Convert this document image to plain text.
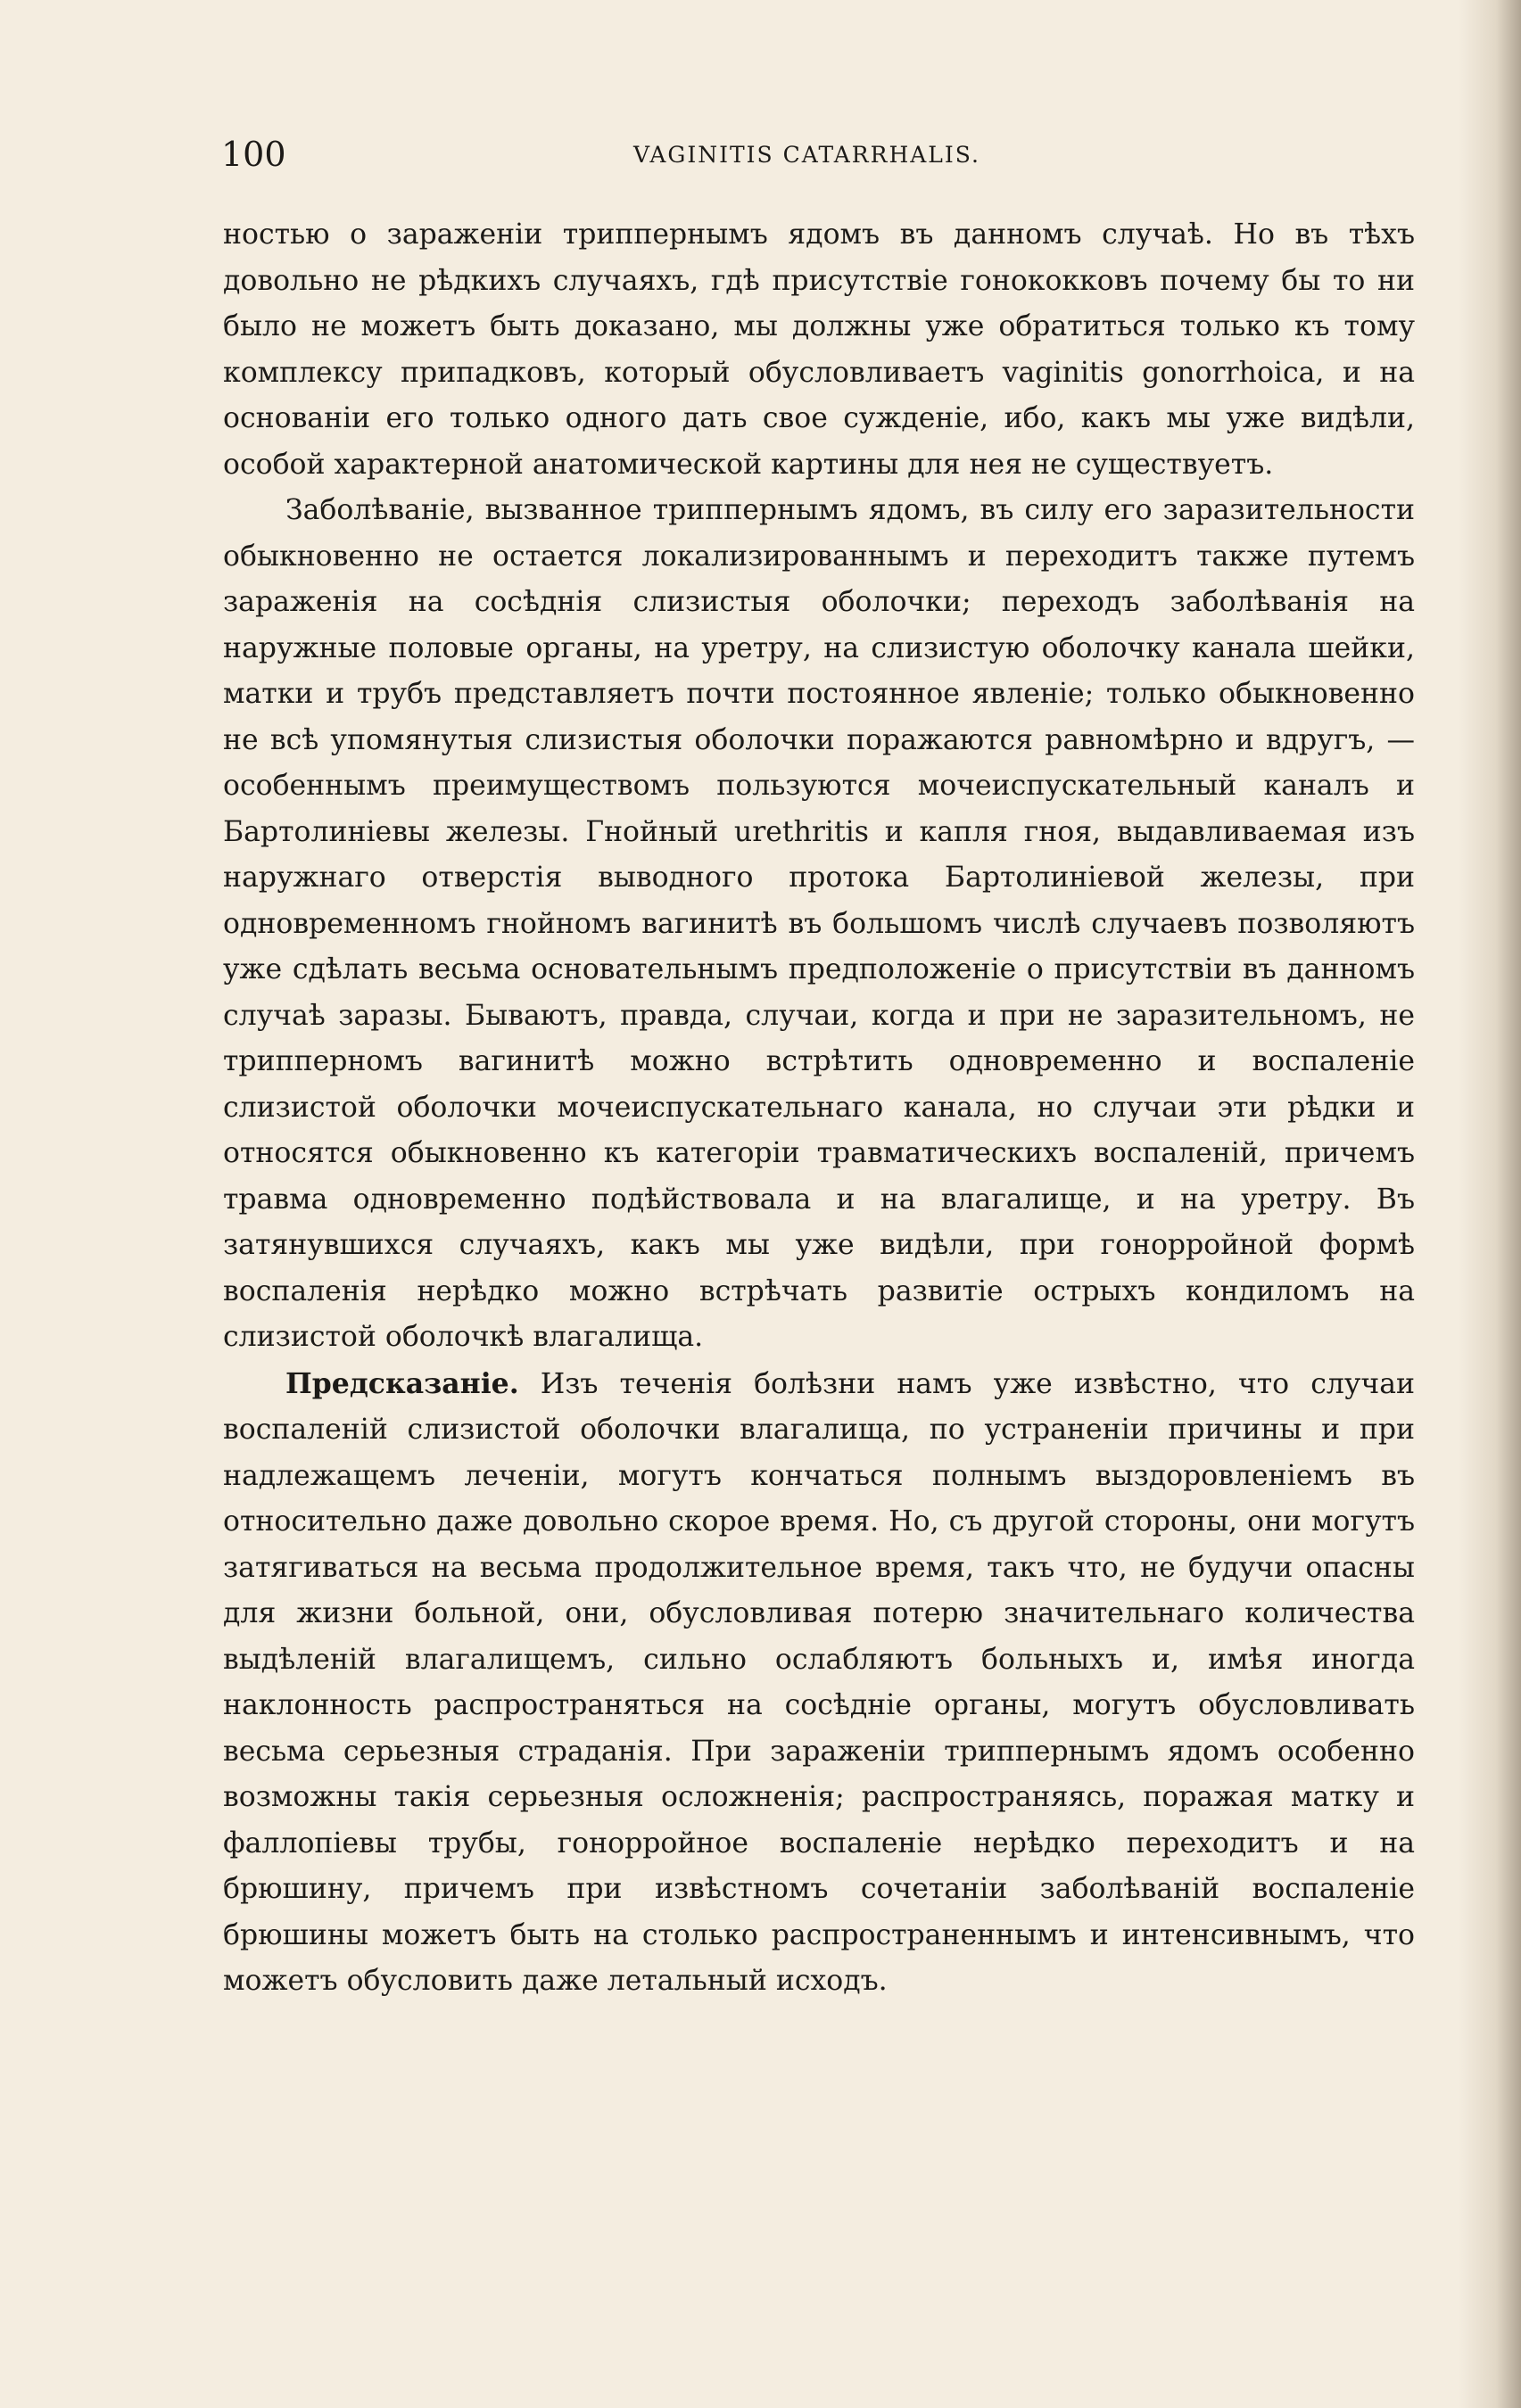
100	VAGINITIS CATARRHALIS.

ностью о зараженіи триппернымъ ядомъ въ данномъ случаѣ. Но въ тѣхъ довольно не рѣдкихъ случаяхъ, гдѣ присутствіе гонококковъ почему бы то ни было не можетъ быть доказано, мы должны уже обратиться только къ тому комплексу припадковъ, который обусловливаетъ vaginitis gonorrhoica, и на основаніи его только одного дать свое сужденіе, ибо, какъ мы уже видѣли, особой характерной анатомической картины для нея не существуетъ.

Заболѣваніе, вызванное триппернымъ ядомъ, въ силу его заразительности обыкновенно не остается локализированнымъ и переходитъ также путемъ зараженія на сосѣднія слизистыя оболочки; переходъ заболѣванія на наружные половые органы, на уретру, на слизистую оболочку канала шейки, матки и трубъ представляетъ почти постоянное явленіе; только обыкновенно не всѣ упомянутыя слизистыя оболочки поражаются равномѣрно и вдругъ, — особеннымъ преимуществомъ пользуются мочеиспускательный каналъ и Бартолиніевы железы. Гнойный urethritis и капля гноя, выдавливаемая изъ наружнаго отверстія выводного протока Бартолиніевой железы, при одновременномъ гнойномъ вагинитѣ въ большомъ числѣ случаевъ позволяютъ уже сдѣлать весьма основательнымъ предположеніе о присутствіи въ данномъ случаѣ заразы. Бываютъ, правда, случаи, когда и при не заразительномъ, не трипперномъ вагинитѣ можно встрѣтить одновременно и воспаленіе слизистой оболочки мочеиспускательнаго канала, но случаи эти рѣдки и относятся обыкновенно къ категоріи травматическихъ воспаленій, причемъ травма одновременно подѣйствовала и на влагалище, и на уретру. Въ затянувшихся случаяхъ, какъ мы уже видѣли, при гонорройной формѣ воспаленія нерѣдко можно встрѣчать развитіе острыхъ кондиломъ на слизистой оболочкѣ влагалища.

Предсказаніе. Изъ теченія болѣзни намъ уже извѣстно, что случаи воспаленій слизистой оболочки влагалища, по устраненіи причины и при надлежащемъ леченіи, могутъ кончаться полнымъ выздоровленіемъ въ относительно даже довольно скорое время. Но, съ другой стороны, они могутъ затягиваться на весьма продолжительное время, такъ что, не будучи опасны для жизни больной, они, обусловливая потерю значительнаго количества выдѣленій влагалищемъ, сильно ослабляютъ больныхъ и, имѣя иногда наклонность распространяться на сосѣдніе органы, могутъ обусловливать весьма серьезныя страданія. При зараженіи триппернымъ ядомъ особенно возможны такія серьезныя осложненія; распространяясь, поражая матку и фаллопіевы трубы, гонорройное воспаленіе нерѣдко переходитъ и на брюшину, причемъ при извѣстномъ сочетаніи заболѣваній воспаленіе брюшины можетъ быть на столько распространеннымъ и интенсивнымъ, что можетъ обусловить даже летальный исходъ.
